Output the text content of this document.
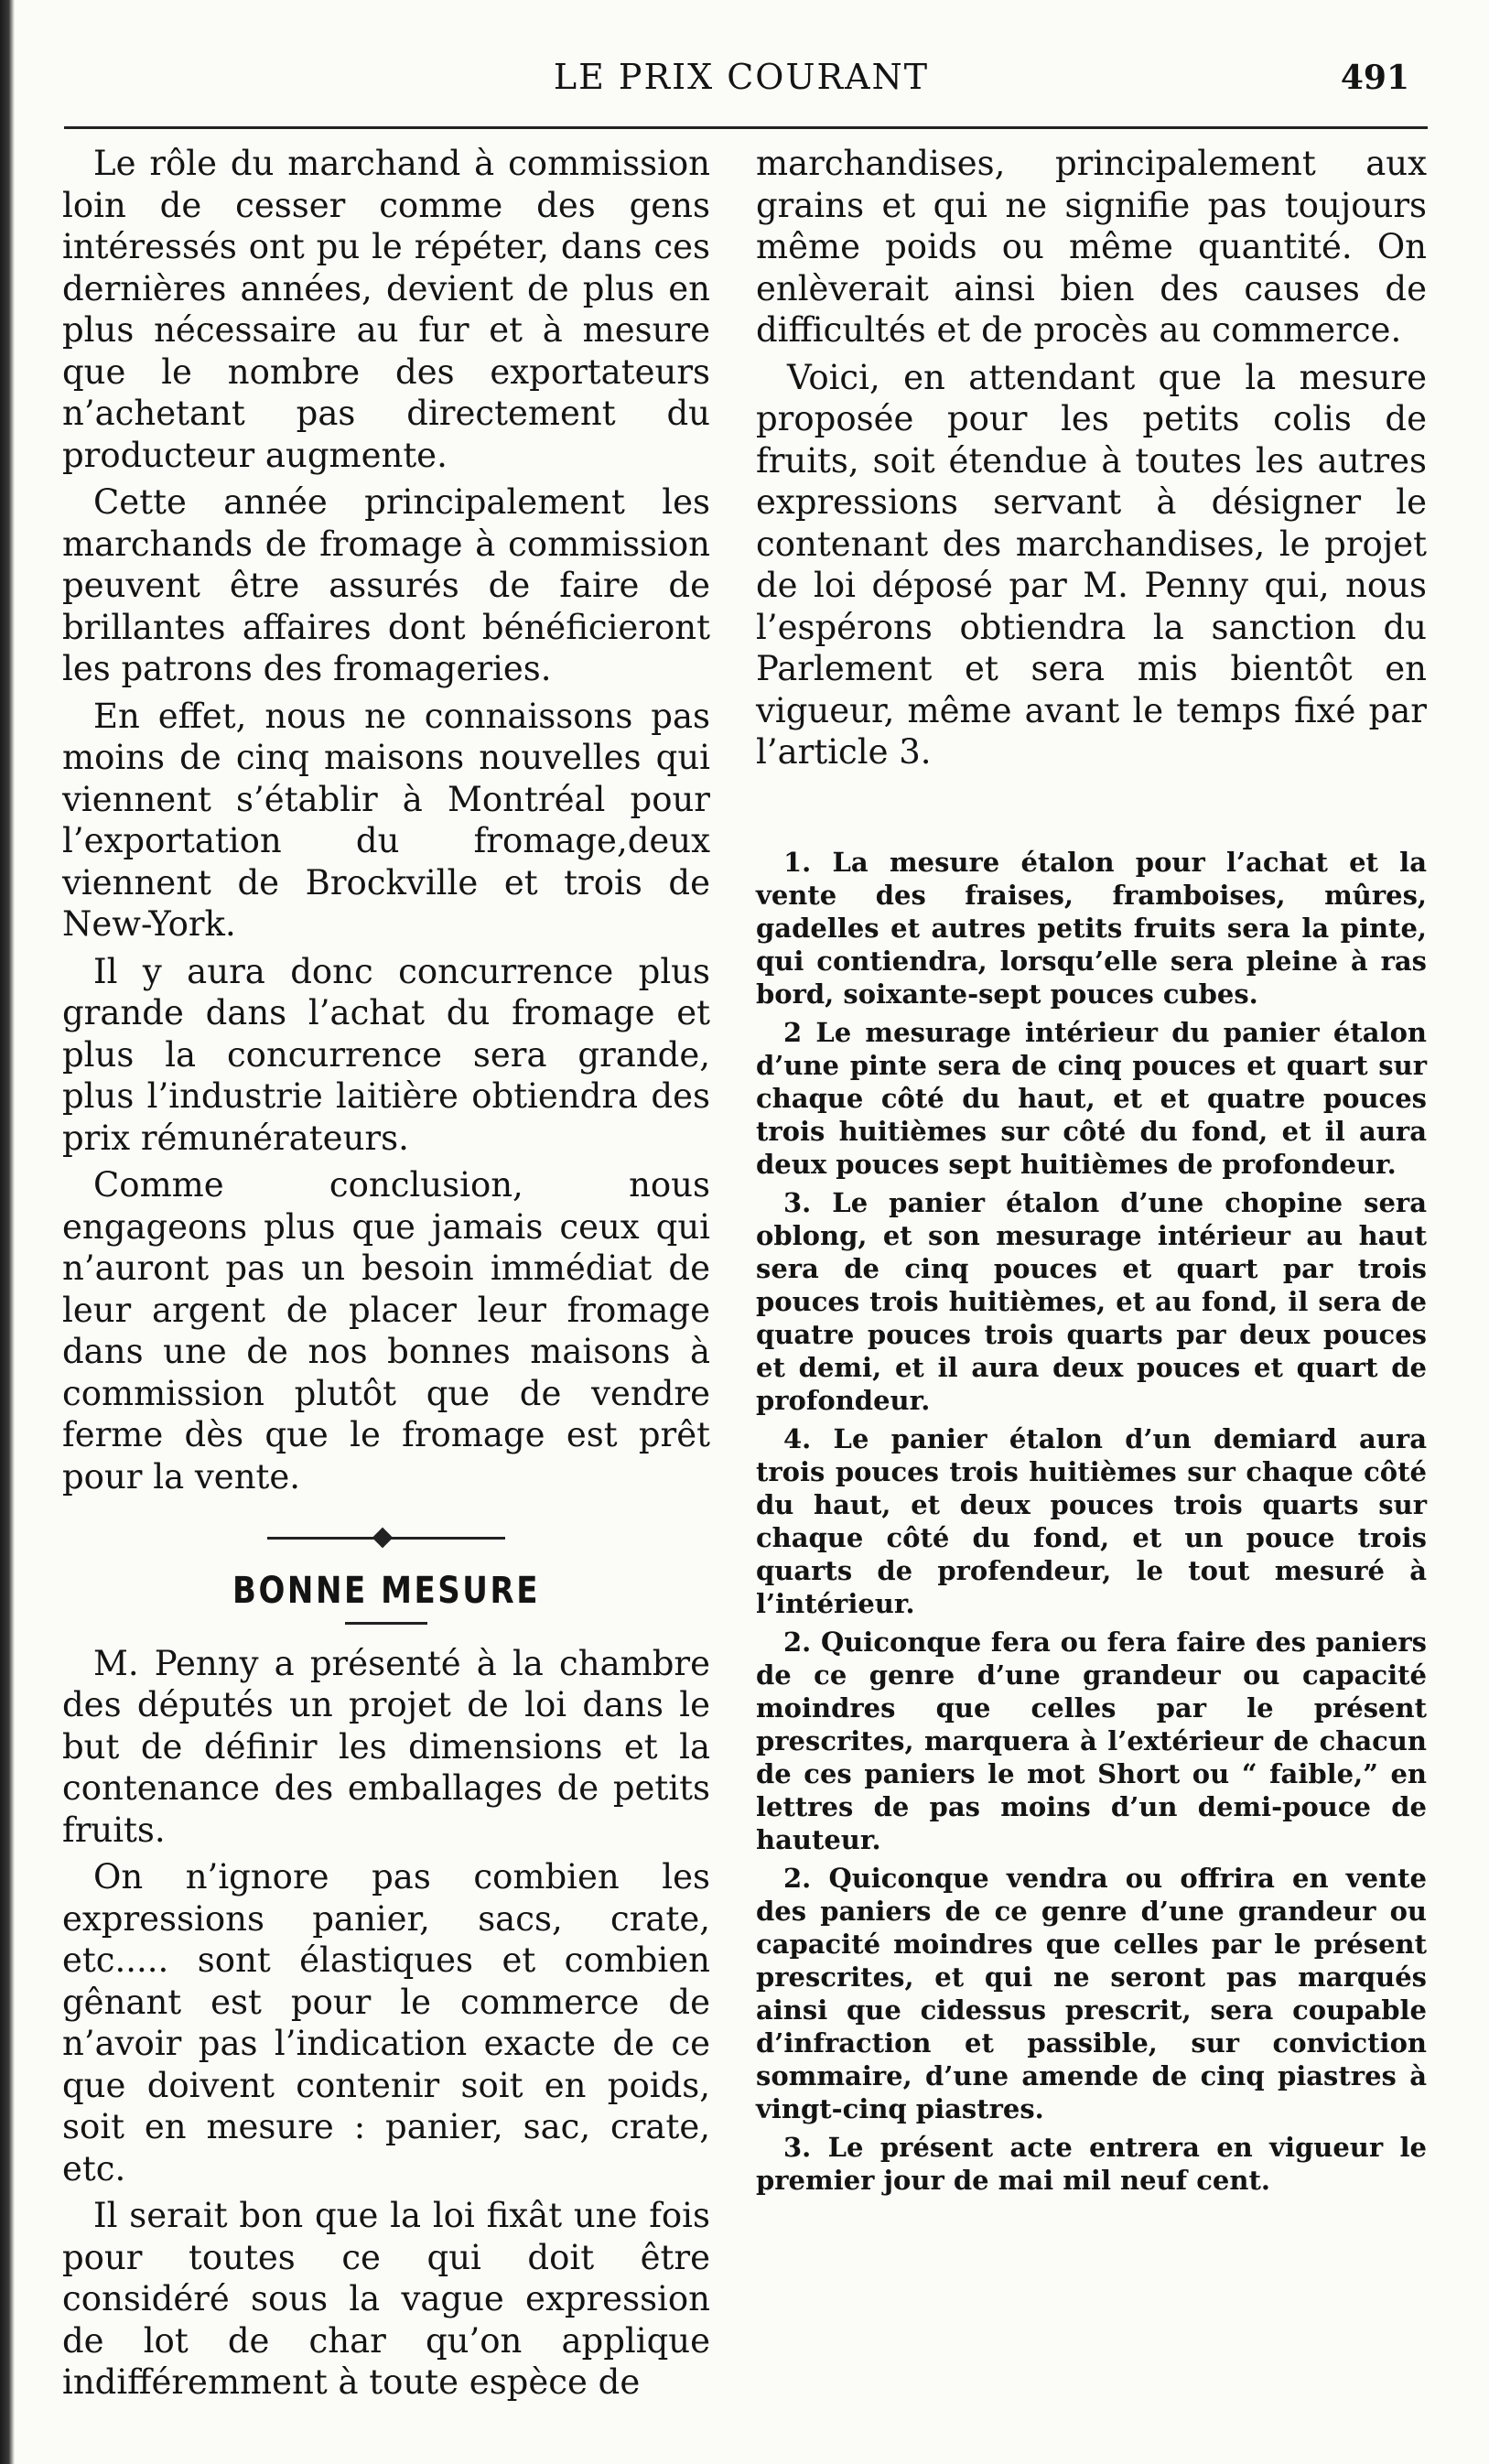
LE PRIX COURANT	491

Le rôle du marchand à commission loin de cesser comme des gens intéressés ont pu le répéter, dans ces dernières années, devient de plus en plus nécessaire au fur et à mesure que le nombre des exportateurs n’achetant pas directement du producteur augmente.

Cette année principalement les marchands de fromage à commission peuvent être assurés de faire de brillantes affaires dont bénéficieront les patrons des fromageries.

En effet, nous ne connaissons pas moins de cinq maisons nouvelles qui viennent s’établir à Montréal pour l’exportation du fromage,deux viennent de Brockville et trois de New-York.

Il y aura donc concurrence plus grande dans l’achat du fromage et plus la concurrence sera grande, plus l’industrie laitière obtiendra des prix rémunérateurs.

Comme conclusion, nous engageons plus que jamais ceux qui n’auront pas un besoin immédiat de leur argent de placer leur fromage dans une de nos bonnes maisons à commission plutôt que de vendre ferme dès que le fromage est prêt pour la vente.

BONNE MESURE

M. Penny a présenté à la chambre des députés un projet de loi dans le but de définir les dimensions et la contenance des emballages de petits fruits.

On n’ignore pas combien les expressions panier, sacs, crate, etc..... sont élastiques et combien gênant est pour le commerce de n’avoir pas l’indication exacte de ce que doivent contenir soit en poids, soit en mesure : panier, sac, crate, etc.

Il serait bon que la loi fixât une fois pour toutes ce qui doit être considéré sous la vague expression de lot de char qu’on applique indifféremment à toute espèce de

marchandises, principalement aux grains et qui ne signifie pas toujours même poids ou même quantité. On enlèverait ainsi bien des causes de difficultés et de procès au commerce.

Voici, en attendant que la mesure proposée pour les petits colis de fruits, soit étendue à toutes les autres expressions servant à désigner le contenant des marchandises, le projet de loi déposé par M. Penny qui, nous l’espérons obtiendra la sanction du Parlement et sera mis bientôt en vigueur, même avant le temps fixé par l’article 3.

1. La mesure étalon pour l’achat et la vente des fraises, framboises, mûres, gadelles et autres petits fruits sera la pinte, qui contiendra, lorsqu’elle sera pleine à ras bord, soixante-sept pouces cubes.

2 Le mesurage intérieur du panier étalon d’une pinte sera de cinq pouces et quart sur chaque côté du haut, et et quatre pouces trois huitièmes sur côté du fond, et il aura deux pouces sept huitièmes de profondeur.

3. Le panier étalon d’une chopine sera oblong, et son mesurage intérieur au haut sera de cinq pouces et quart par trois pouces trois huitièmes, et au fond, il sera de quatre pouces trois quarts par deux pouces et demi, et il aura deux pouces et quart de profondeur.

4. Le panier étalon d’un demiard aura trois pouces trois huitièmes sur chaque côté du haut, et deux pouces trois quarts sur chaque côté du fond, et un pouce trois quarts de profendeur, le tout mesuré à l’intérieur.

2. Quiconque fera ou fera faire des paniers de ce genre d’une grandeur ou capacité moindres que celles par le présent prescrites, marquera à l’extérieur de chacun de ces paniers le mot Short ou “ faible,” en lettres de pas moins d’un demi-pouce de hauteur.

2. Quiconque vendra ou offrira en vente des paniers de ce genre d’une grandeur ou capacité moindres que celles par le présent prescrites, et qui ne seront pas marqués ainsi que cidessus prescrit, sera coupable d’infraction et passible, sur conviction sommaire, d’une amende de cinq piastres à vingt-cinq piastres.

3. Le présent acte entrera en vigueur le premier jour de mai mil neuf cent.
